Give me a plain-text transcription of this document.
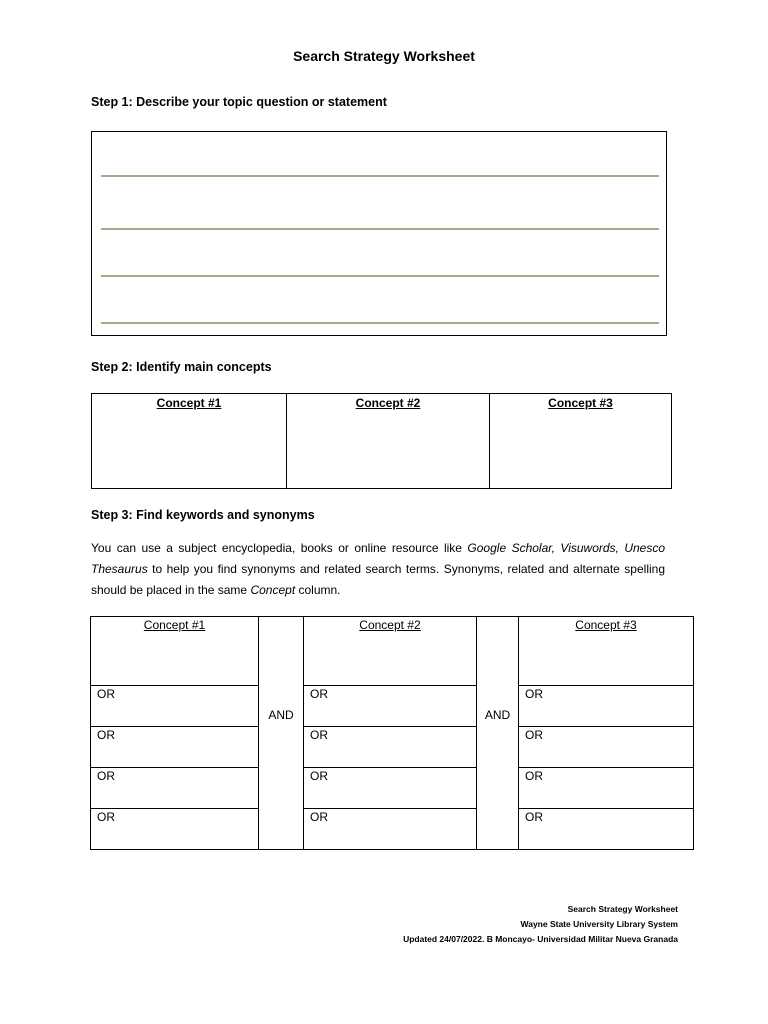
Search Strategy Worksheet
Step 1: Describe your topic question or statement
Step 2: Identify main concepts
Concept #1	Concept #2	Concept #3
Step 3: Find keywords and synonyms
You can use a subject encyclopedia, books or online resource like Google Scholar, Visuwords, Unesco Thesaurus to help you find synonyms and related search terms. Synonyms, related and alternate spelling should be placed in the same Concept column.
Concept #1	AND	Concept #2	AND	Concept #3
OR		OR		OR
OR		OR		OR
OR		OR		OR
OR		OR		OR
Search Strategy Worksheet
Wayne State University Library System
Updated 24/07/2022. B Moncayo- Universidad Militar Nueva Granada
